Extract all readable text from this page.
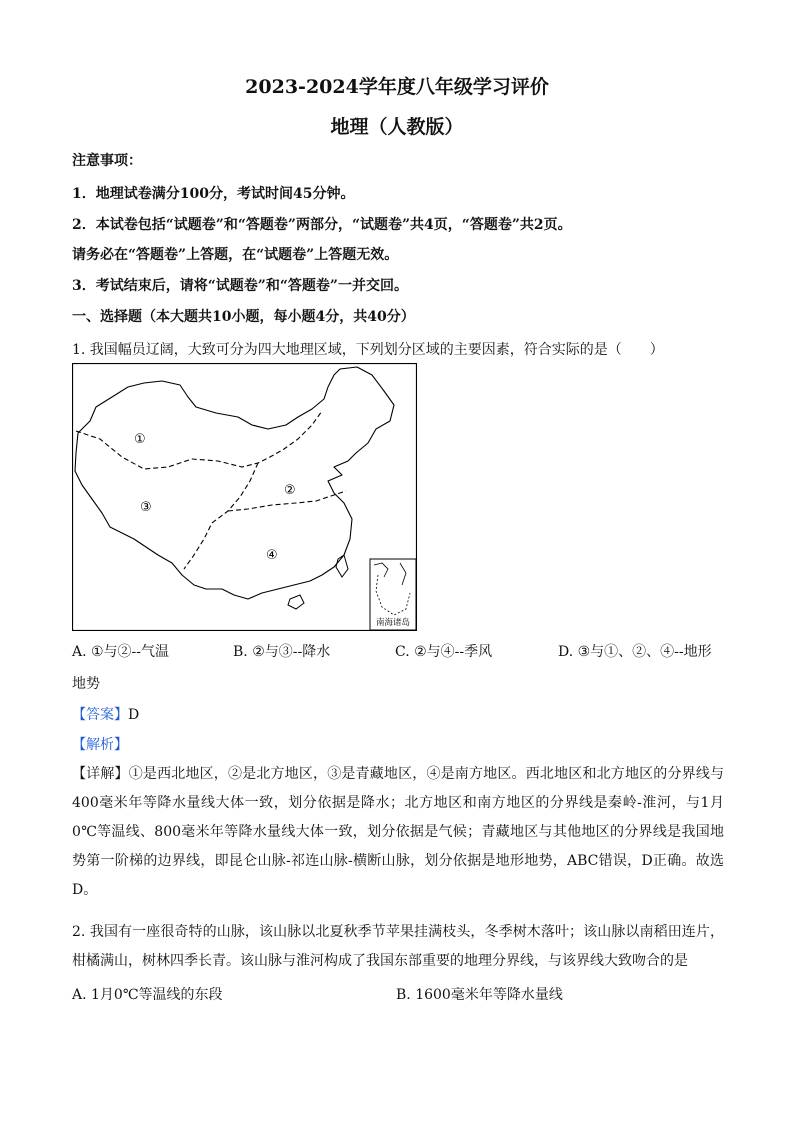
2023-2024学年度八年级学习评价
地理（人教版）
注意事项：
1．地理试卷满分100分，考试时间45分钟。
2．本试卷包括“试题卷”和“答题卷”两部分，“试题卷”共4页，“答题卷”共2页。
请务必在“答题卷”上答题，在“试题卷”上答题无效。
3．考试结束后，请将“试题卷”和“答题卷”一并交回。
一、选择题（本大题共10小题，每小题4分，共40分）
1. 我国幅员辽阔，大致可分为四大地理区域，下列划分区域的主要因素，符合实际的是（　　）
①
②
③
④
南海诸岛
A. ①与②--气温	B. ②与③--降水	C. ②与④--季风	D. ③与①、②、④--地形
地势
【答案】D
【解析】
【详解】①是西北地区，②是北方地区，③是青藏地区，④是南方地区。西北地区和北方地区的分界线与400毫米年等降水量线大体一致，划分依据是降水；北方地区和南方地区的分界线是秦岭-淮河，与1月0℃等温线、800毫米年等降水量线大体一致，划分依据是气候；青藏地区与其他地区的分界线是我国地势第一阶梯的边界线，即昆仑山脉-祁连山脉-横断山脉，划分依据是地形地势，ABC错误，D正确。故选D。
2. 我国有一座很奇特的山脉，该山脉以北夏秋季节苹果挂满枝头，冬季树木落叶；该山脉以南稻田连片，柑橘满山，树林四季长青。该山脉与淮河构成了我国东部重要的地理分界线，与该界线大致吻合的是
A. 1月0℃等温线的东段	B. 1600毫米年等降水量线
